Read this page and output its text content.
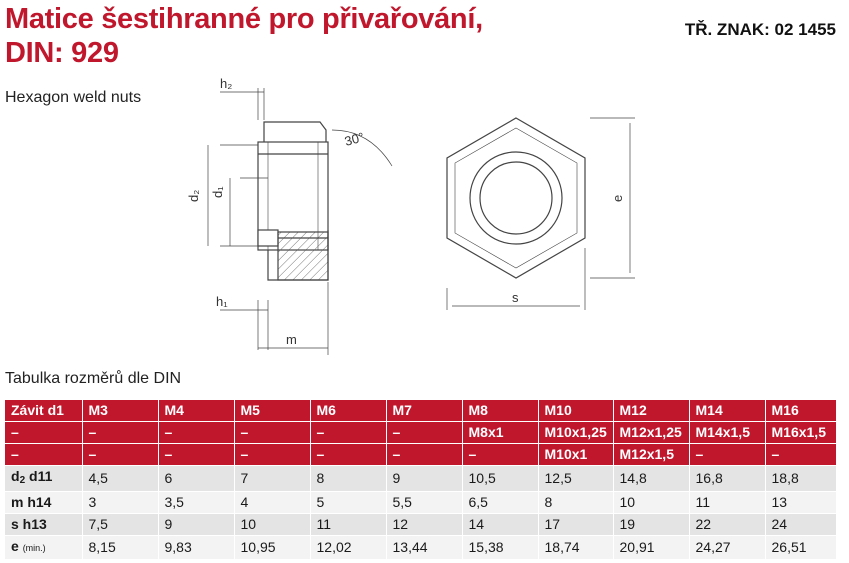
Matice šestihranné pro přivařování,
DIN: 929
TŘ. ZNAK: 02 1455
Hexagon weld nuts
h₂
h₁
d₂ d₁
m
30°
e
s
Tabulka rozměrů dle DIN
Závit d1	M3	M4	M5	M6	M7	M8	M10	M12	M14	M16
–	–	–	–	–	–	M8x1	M10x1,25	M12x1,25	M14x1,5	M16x1,5
–	–	–	–	–	–	–	M10x1	M12x1,5	–	–
$d_2$ d11	4,5	6	7	8	9	10,5	12,5	14,8	16,8	18,8
m h14	3	3,5	4	5	5,5	6,5	8	10	11	13
s h13	7,5	9	10	11	12	14	17	19	22	24
e (min.)	8,15	9,83	10,95	12,02	13,44	15,38	18,74	20,91	24,27	26,51
